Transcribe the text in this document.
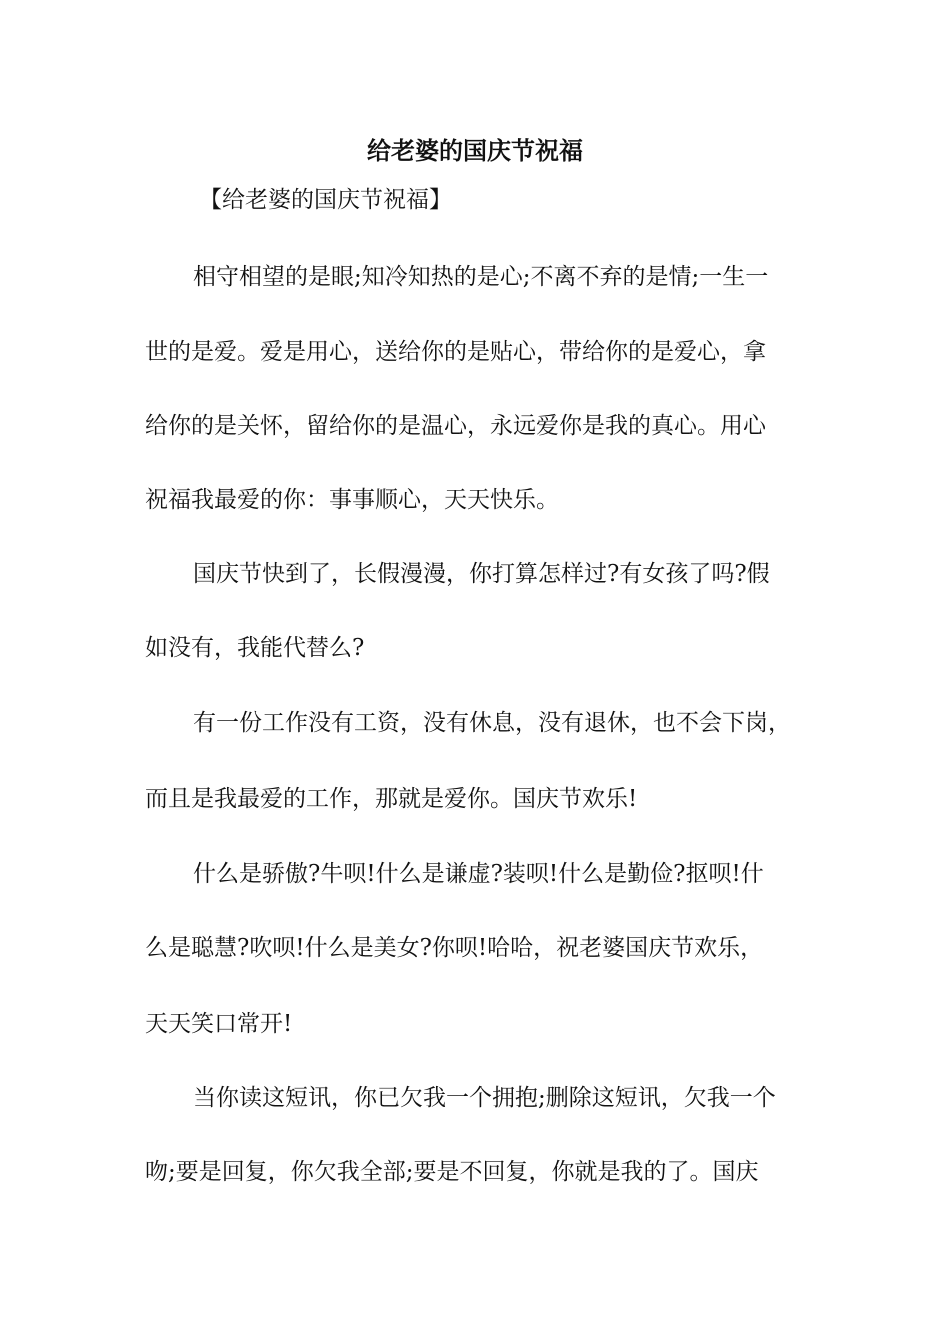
给老婆的国庆节祝福
【给老婆的国庆节祝福】
相守相望的是眼;知冷知热的是心;不离不弃的是情;一生一
世的是爱。爱是用心，送给你的是贴心，带给你的是爱心，拿
给你的是关怀，留给你的是温心，永远爱你是我的真心。用心
祝福我最爱的你：事事顺心，天天快乐。
国庆节快到了，长假漫漫，你打算怎样过?有女孩了吗?假
如没有，我能代替么?
有一份工作没有工资，没有休息，没有退休，也不会下岗，
而且是我最爱的工作，那就是爱你。国庆节欢乐!
什么是骄傲?牛呗!什么是谦虚?装呗!什么是勤俭?抠呗!什
么是聪慧?吹呗!什么是美女?你呗!哈哈，祝老婆国庆节欢乐，
天天笑口常开!
当你读这短讯，你已欠我一个拥抱;删除这短讯，欠我一个
吻;要是回复，你欠我全部;要是不回复，你就是我的了。国庆
